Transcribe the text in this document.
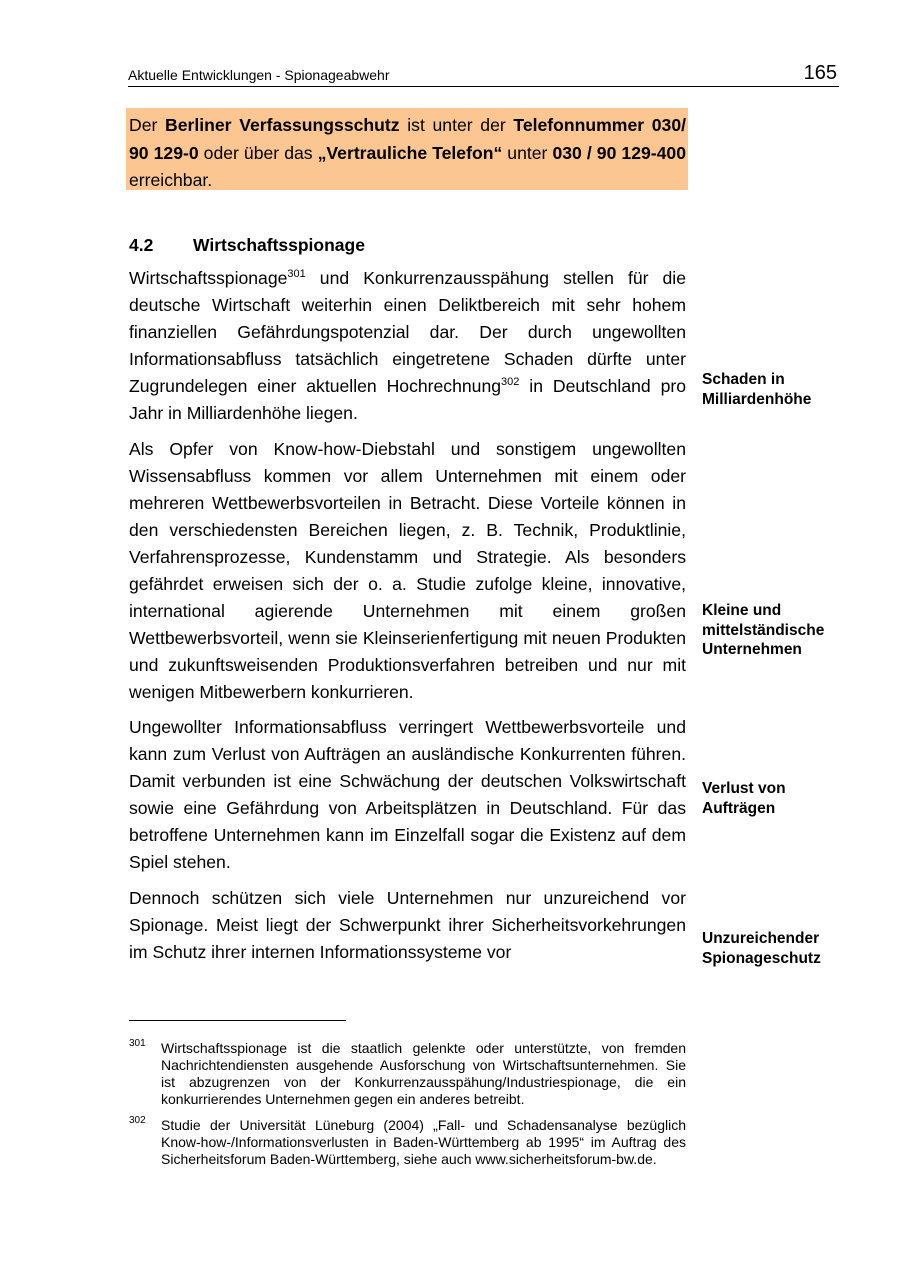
Aktuelle Entwicklungen - Spionageabwehr	165

Der Berliner Verfassungsschutz ist unter der Telefonnummer 030/ 90 129-0 oder über das „Vertrauliche Telefon“ unter 030 / 90 129-400 erreichbar.

4.2 Wirtschaftsspionage

Wirtschaftsspionage$^{301}$ und Konkurrenzausspähung stellen für die deutsche Wirtschaft weiterhin einen Deliktbereich mit sehr hohem finanziellen Gefährdungspotenzial dar. Der durch ungewollten Informationsabfluss tatsächlich eingetretene Schaden dürfte unter Zugrundelegen einer aktuellen Hochrechnung$^{302}$ in Deutschland pro Jahr in Milliardenhöhe liegen.

Als Opfer von Know-how-Diebstahl und sonstigem ungewollten Wissensabfluss kommen vor allem Unternehmen mit einem oder mehreren Wettbewerbsvorteilen in Betracht. Diese Vorteile können in den verschiedensten Bereichen liegen, z. B. Technik, Produktlinie, Verfahrensprozesse, Kundenstamm und Strategie. Als besonders gefährdet erweisen sich der o. a. Studie zufolge kleine, innovative, international agierende Unternehmen mit einem großen Wettbewerbsvorteil, wenn sie Kleinserienfertigung mit neuen Produkten und zukunftsweisenden Produktionsverfahren betreiben und nur mit wenigen Mitbewerbern konkurrieren.

Ungewollter Informationsabfluss verringert Wettbewerbsvorteile und kann zum Verlust von Aufträgen an ausländische Konkurrenten führen. Damit verbunden ist eine Schwächung der deutschen Volkswirtschaft sowie eine Gefährdung von Arbeitsplätzen in Deutschland. Für das betroffene Unternehmen kann im Einzelfall sogar die Existenz auf dem Spiel stehen.

Dennoch schützen sich viele Unternehmen nur unzureichend vor Spionage. Meist liegt der Schwerpunkt ihrer Sicherheitsvorkehrungen im Schutz ihrer internen Informationssysteme vor

Schaden in
Milliardenhöhe
Kleine und
mittelständische
Unternehmen
Verlust von
Aufträgen
Unzureichender
Spionageschutz
301 Wirtschaftsspionage ist die staatlich gelenkte oder unterstützte, von fremden Nachrichtendiensten ausgehende Ausforschung von Wirtschaftsunternehmen. Sie ist abzugrenzen von der Konkurrenzausspähung/Industriespionage, die ein konkurrierendes Unternehmen gegen ein anderes betreibt.

302 Studie der Universität Lüneburg (2004) „Fall- und Schadensanalyse bezüglich Know-how-/Informationsverlusten in Baden-Württemberg ab 1995“ im Auftrag des Sicherheitsforum Baden-Württemberg, siehe auch www.sicherheitsforum-bw.de.
